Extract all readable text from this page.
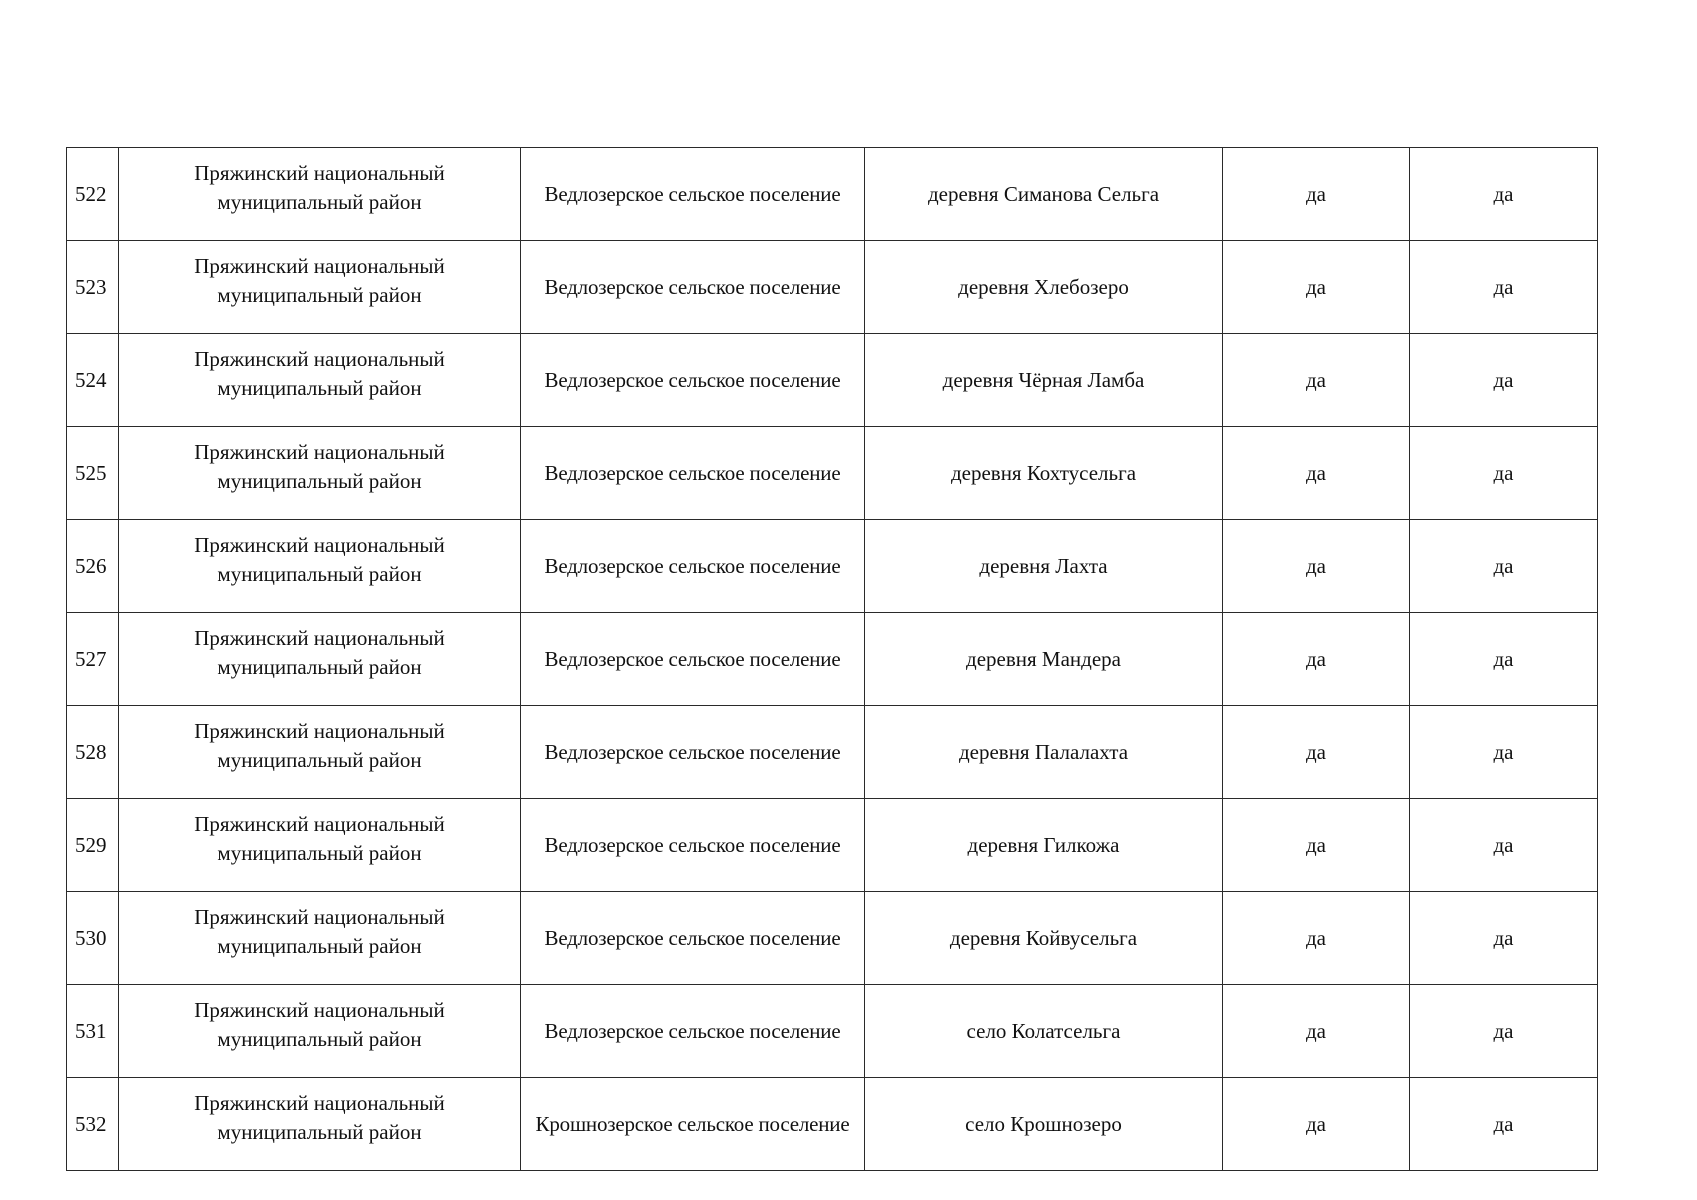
522	Пряжинский национальный
муниципальный район	Ведлозерское сельское поселение	деревня Симанова Сельга	да	да
523	Пряжинский национальный
муниципальный район	Ведлозерское сельское поселение	деревня Хлебозеро	да	да
524	Пряжинский национальный
муниципальный район	Ведлозерское сельское поселение	деревня Чёрная Ламба	да	да
525	Пряжинский национальный
муниципальный район	Ведлозерское сельское поселение	деревня Кохтусельга	да	да
526	Пряжинский национальный
муниципальный район	Ведлозерское сельское поселение	деревня Лахта	да	да
527	Пряжинский национальный
муниципальный район	Ведлозерское сельское поселение	деревня Мандера	да	да
528	Пряжинский национальный
муниципальный район	Ведлозерское сельское поселение	деревня Палалахта	да	да
529	Пряжинский национальный
муниципальный район	Ведлозерское сельское поселение	деревня Гилкожа	да	да
530	Пряжинский национальный
муниципальный район	Ведлозерское сельское поселение	деревня Койвусельга	да	да
531	Пряжинский национальный
муниципальный район	Ведлозерское сельское поселение	село Колатсельга	да	да
532	Пряжинский национальный
муниципальный район	Крошнозерское сельское поселение	село Крошнозеро	да	да
